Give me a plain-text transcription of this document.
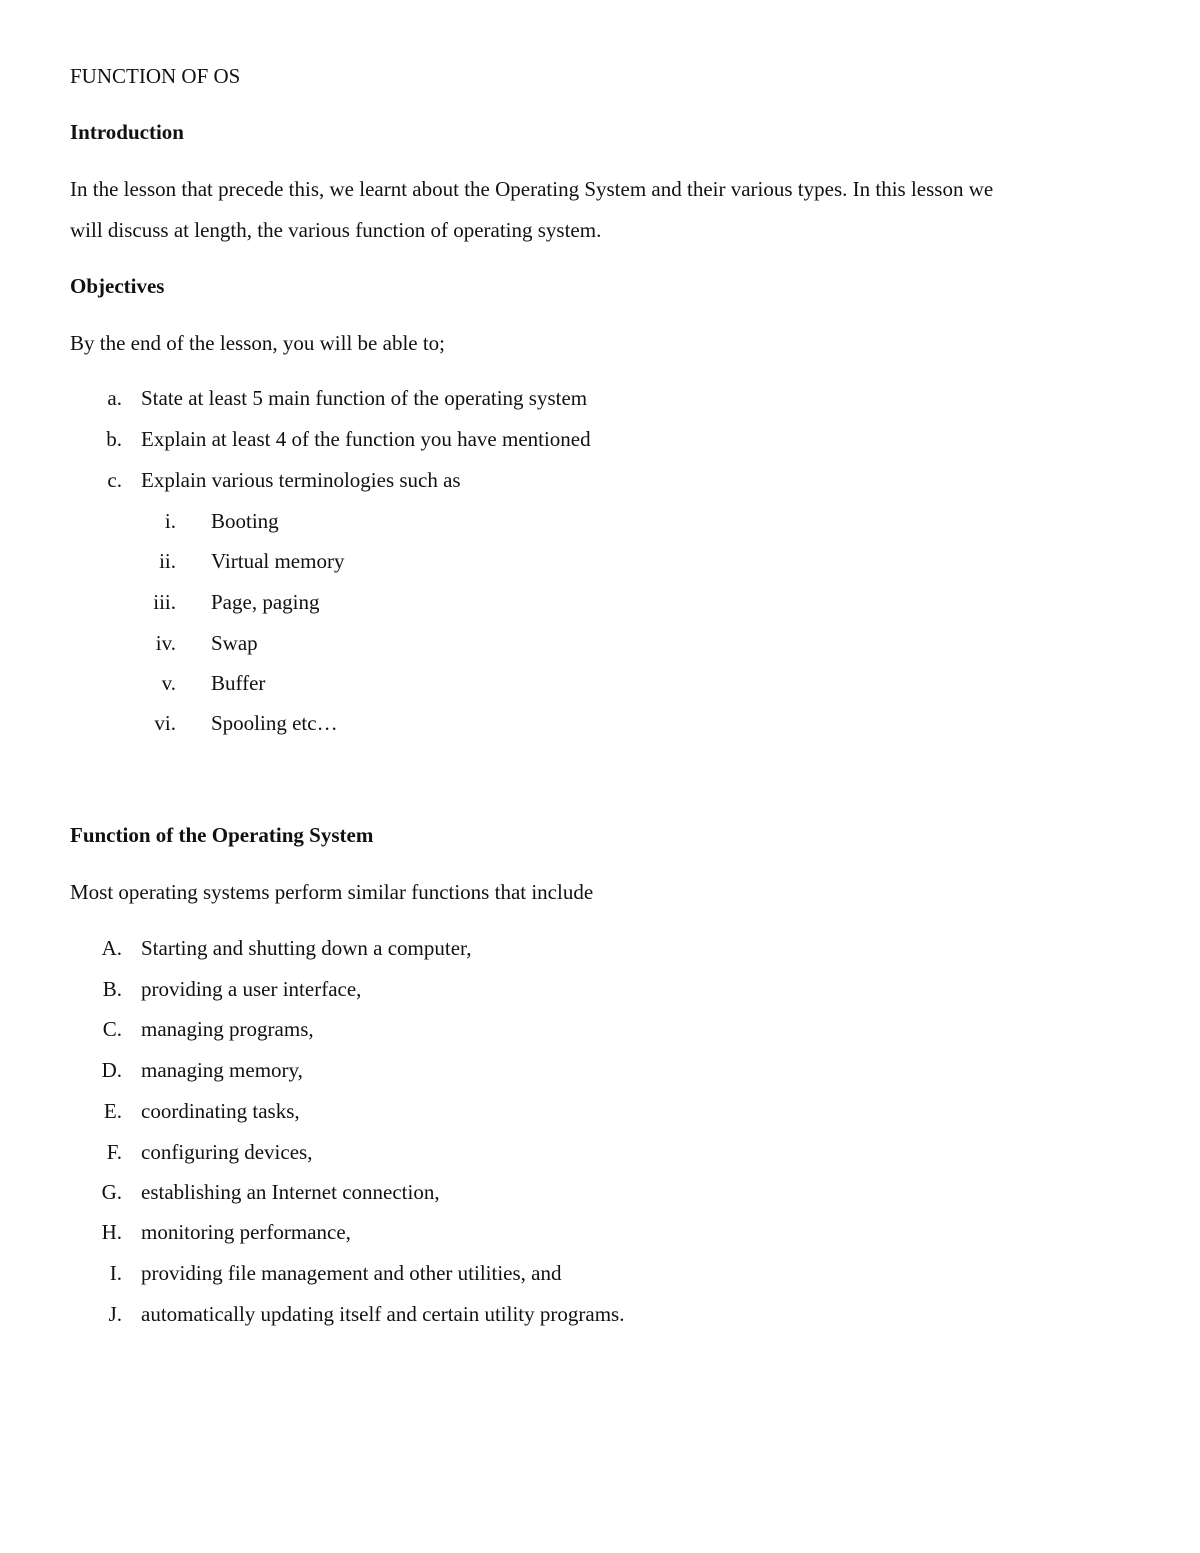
FUNCTION OF OS
Introduction
In the lesson that precede this, we learnt about the Operating System and their various types. In this lesson we
will discuss at length, the various function of operating system.
Objectives
By the end of the lesson, you will be able to;
a. State at least 5 main function of the operating system
b. Explain at least 4 of the function you have mentioned
c. Explain various terminologies such as
i. Booting
ii. Virtual memory
iii. Page, paging
iv. Swap
v. Buffer
vi. Spooling etc…
Function of the Operating System
Most operating systems perform similar functions that include
A. Starting and shutting down a computer,
B. providing a user interface,
C. managing programs,
D. managing memory,
E. coordinating tasks,
F. configuring devices,
G. establishing an Internet connection,
H. monitoring performance,
I. providing file management and other utilities, and
J. automatically updating itself and certain utility programs.
